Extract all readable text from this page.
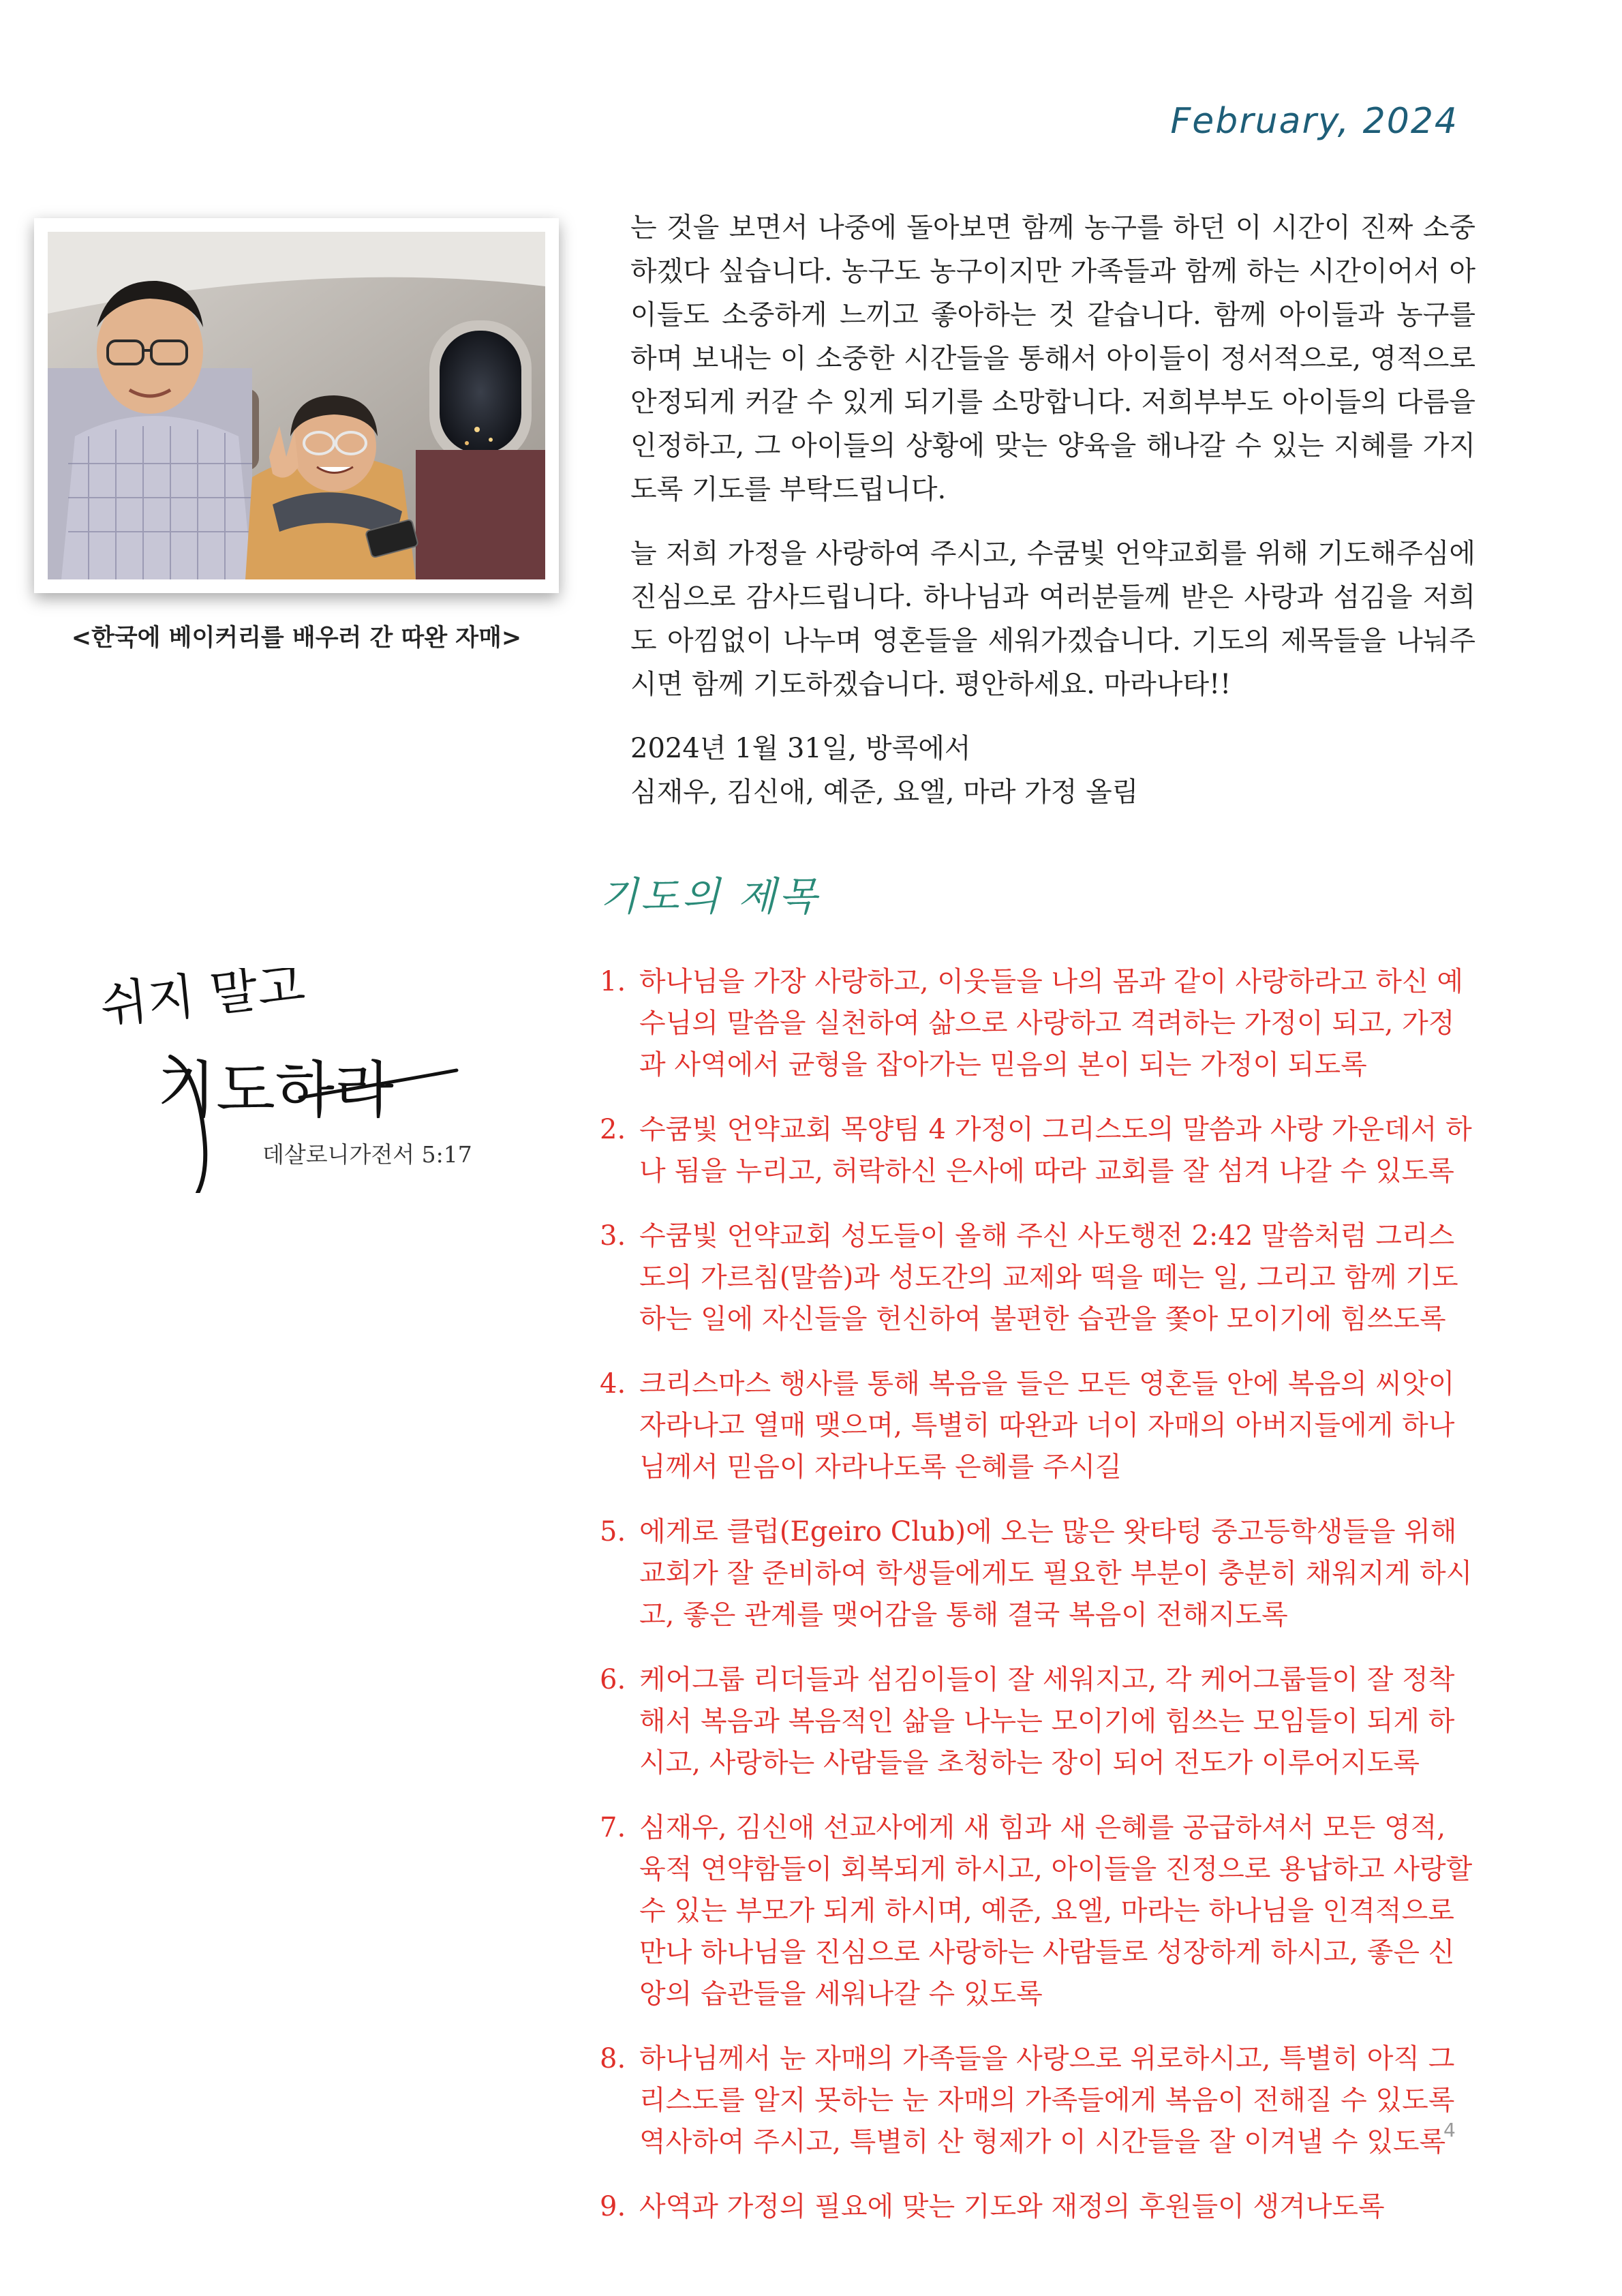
February, 2024
<한국에 베이커리를 배우러 간 따완 자매>

는 것을 보면서 나중에 돌아보면 함께 농구를 하던 이 시간이 진짜 소중하겠다 싶습니다. 농구도 농구이지만 가족들과 함께 하는 시간이어서 아이들도 소중하게 느끼고 좋아하는 것 같습니다. 함께 아이들과 농구를 하며 보내는 이 소중한 시간들을 통해서 아이들이 정서적으로, 영적으로 안정되게 커갈 수 있게 되기를 소망합니다. 저희부부도 아이들의 다름을 인정하고, 그 아이들의 상황에 맞는 양육을 해나갈 수 있는 지혜를 가지도록 기도를 부탁드립니다.

늘 저희 가정을 사랑하여 주시고, 수쿰빛 언약교회를 위해 기도해주심에 진심으로 감사드립니다. 하나님과 여러분들께 받은 사랑과 섬김을 저희도 아낌없이 나누며 영혼들을 세워가겠습니다. 기도의 제목들을 나눠주시면 함께 기도하겠습니다. 평안하세요. 마라나타!!

2024년 1월 31일, 방콕에서
심재우, 김신애, 예준, 요엘, 마라 가정 올림
쉬지 말고
기도하라
데살로니가전서 5:17
기도의 제목
1. 하나님을 가장 사랑하고, 이웃들을 나의 몸과 같이 사랑하라고 하신 예수님의 말씀을 실천하여 삶으로 사랑하고 격려하는 가정이 되고, 가정과 사역에서 균형을 잡아가는 믿음의 본이 되는 가정이 되도록
2. 수쿰빛 언약교회 목양팀 4 가정이 그리스도의 말씀과 사랑 가운데서 하나 됨을 누리고, 허락하신 은사에 따라 교회를 잘 섬겨 나갈 수 있도록
3. 수쿰빛 언약교회 성도들이 올해 주신 사도행전 2:42 말씀처럼 그리스도의 가르침(말씀)과 성도간의 교제와 떡을 떼는 일, 그리고 함께 기도하는 일에 자신들을 헌신하여 불편한 습관을 쫓아 모이기에 힘쓰도록
4. 크리스마스 행사를 통해 복음을 들은 모든 영혼들 안에 복음의 씨앗이 자라나고 열매 맺으며, 특별히 따완과 너이 자매의 아버지들에게 하나님께서 믿음이 자라나도록 은혜를 주시길
5. 에게로 클럽(Egeiro Club)에 오는 많은 왓타텅 중고등학생들을 위해 교회가 잘 준비하여 학생들에게도 필요한 부분이 충분히 채워지게 하시고, 좋은 관계를 맺어감을 통해 결국 복음이 전해지도록
6. 케어그룹 리더들과 섬김이들이 잘 세워지고, 각 케어그룹들이 잘 정착해서 복음과 복음적인 삶을 나누는 모이기에 힘쓰는 모임들이 되게 하시고, 사랑하는 사람들을 초청하는 장이 되어 전도가 이루어지도록
7. 심재우, 김신애 선교사에게 새 힘과 새 은혜를 공급하셔서 모든 영적, 육적 연약함들이 회복되게 하시고, 아이들을 진정으로 용납하고 사랑할 수 있는 부모가 되게 하시며, 예준, 요엘, 마라는 하나님을 인격적으로 만나 하나님을 진심으로 사랑하는 사람들로 성장하게 하시고, 좋은 신앙의 습관들을 세워나갈 수 있도록
8. 하나님께서 눈 자매의 가족들을 사랑으로 위로하시고, 특별히 아직 그리스도를 알지 못하는 눈 자매의 가족들에게 복음이 전해질 수 있도록 역사하여 주시고, 특별히 산 형제가 이 시간들을 잘 이겨낼 수 있도록
9. 사역과 가정의 필요에 맞는 기도와 재정의 후원들이 생겨나도록
4
